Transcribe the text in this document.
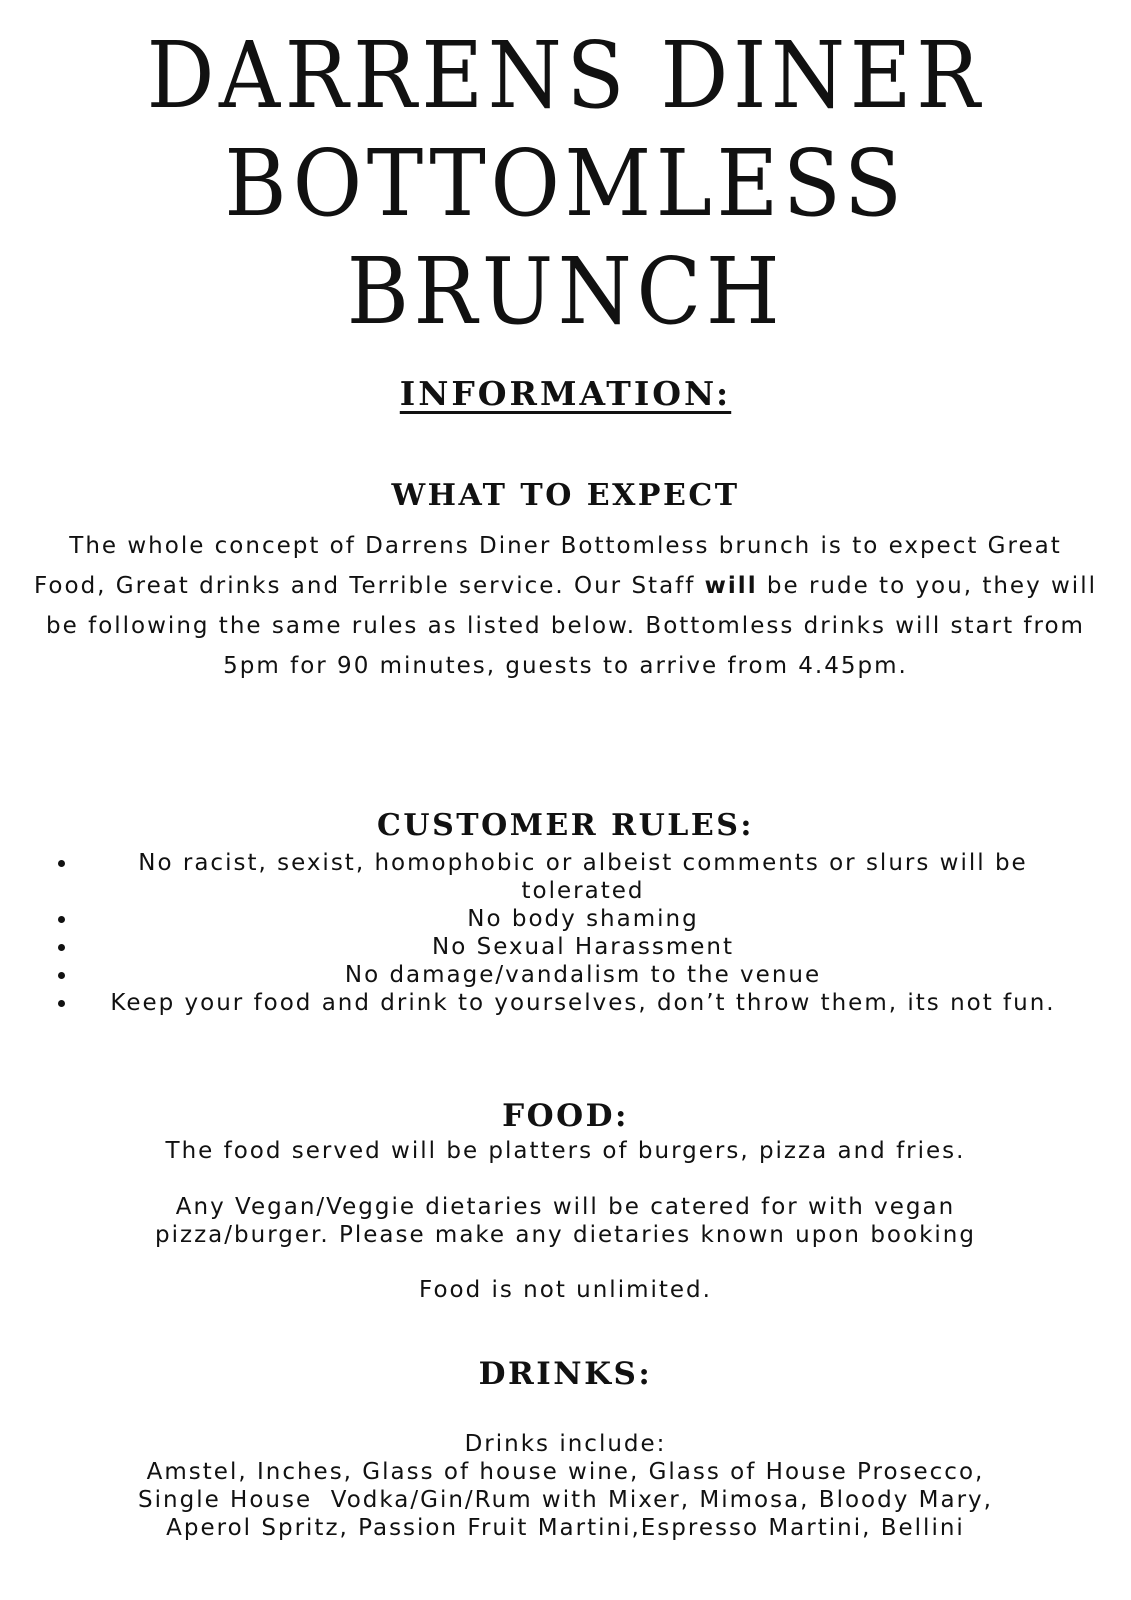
DARRENS DINER
BOTTOMLESS
BRUNCH
INFORMATION:
WHAT TO EXPECT

The whole concept of Darrens Diner Bottomless brunch is to expect Great Food, Great drinks and Terrible service. Our Staff will be rude to you, they will be following the same rules as listed below. Bottomless drinks will start from 5pm for 90 minutes, guests to arrive from 4.45pm.

CUSTOMER RULES:
• No racist, sexist, homophobic or albeist comments or slurs will be tolerated
• No body shaming
• No Sexual Harassment
• No damage/vandalism to the venue
• Keep your food and drink to yourselves, don’t throw them, its not fun.
FOOD:

The food served will be platters of burgers, pizza and fries.

Any Vegan/Veggie dietaries will be catered for with vegan
pizza/burger. Please make any dietaries known upon booking

Food is not unlimited.

DRINKS:

Drinks include:

Amstel, Inches, Glass of house wine, Glass of House Prosecco,
Single House  Vodka/Gin/Rum with Mixer, Mimosa, Bloody Mary,
Aperol Spritz, Passion Fruit Martini,Espresso Martini, Bellini
